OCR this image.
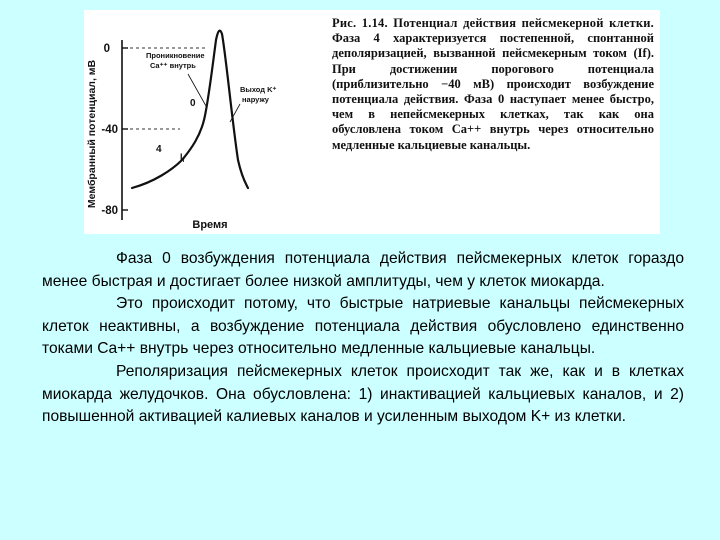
Мембранный потенциал, мВ
0
-40
-80
Проникновение
Ca⁺⁺ внутрь
Выход K⁺
наружу
0
4
$I_f$
Время
Рис. 1.14. Потенциал действия пейсмекерной клетки. Фаза 4 характеризуется постепенной, спонтанной деполяризацией, вызванной пейсмекерным током (If). При достижении порогового потенциала (приблизительно −40 мВ) происходит возбуждение потенциала действия. Фаза 0 наступает менее быстро, чем в непейсмекерных клетках, так как она обусловлена током Ca++ внутрь через относительно медленные кальциевые канальцы.

Фаза 0 возбуждения потенциала действия пейсмекерных клеток гораздо менее быстрая и достигает более низкой амплитуды, чем у клеток миокарда.

Это происходит потому, что быстрые натриевые канальцы пейсмекерных клеток неактивны, а возбуждение потенциала действия обусловлено единственно токами Ca++ внутрь через относительно медленные кальциевые канальцы.

Реполяризация пейсмекерных клеток происходит так же, как и в клетках миокарда желудочков. Она обусловлена: 1) инактивацией кальциевых каналов, и 2) повышенной активацией калиевых каналов и усиленным выходом K+ из клетки.
